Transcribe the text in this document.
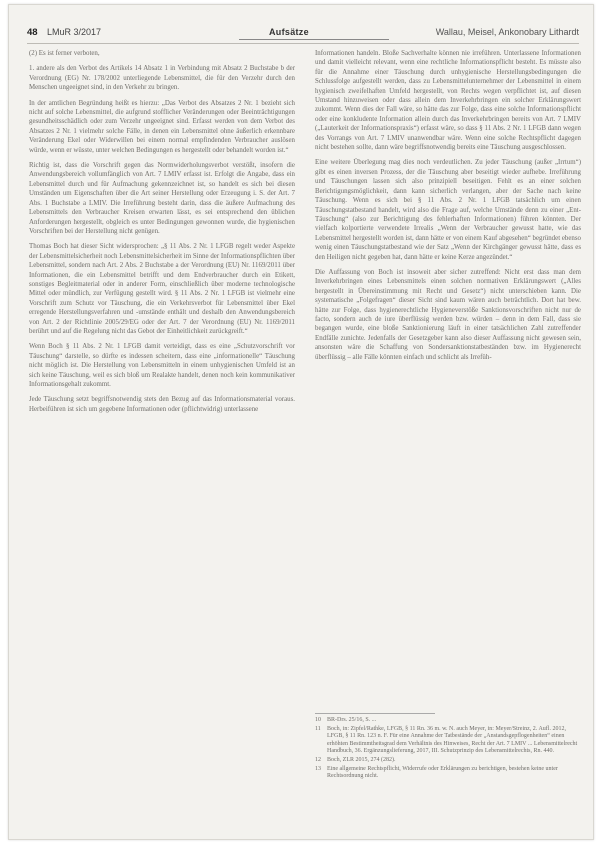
48 LMuR 3/2017	Aufsätze	Wallau, Meisel, Ankonobary Lithardt

(2) Es ist ferner verboten,

1. andere als den Verbot des Artikels 14 Absatz 1 in Verbindung mit Absatz 2 Buchstabe b der Verordnung (EG) Nr. 178/2002 unterliegende Lebensmittel, die für den Verzehr durch den Menschen ungeeignet sind, in den Verkehr zu bringen.

In der amtlichen Begründung heißt es hierzu: „Das Verbot des Absatzes 2 Nr. 1 bezieht sich nicht auf solche Lebensmittel, die aufgrund stofflicher Veränderungen oder Beeinträchtigungen gesundheitsschädlich oder zum Verzehr ungeeignet sind. Erfasst werden von dem Verbot des Absatzes 2 Nr. 1 vielmehr solche Fälle, in denen ein Lebensmittel ohne äußerlich erkennbare Veränderung Ekel oder Widerwillen bei einem normal empfindenden Verbraucher auslösen würde, wenn er wüsste, unter welchen Bedingungen es hergestellt oder behandelt worden ist.“

Richtig ist, dass die Vorschrift gegen das Normwiderholungsverbot verstößt, insofern die Anwendungsbereich vollumfänglich von Art. 7 LMIV erfasst ist. Erfolgt die Angabe, dass ein Lebensmittel durch und für Aufmachung gekennzeichnet ist, so handelt es sich bei diesen Umständen um Eigenschaften über die Art seiner Herstellung oder Erzeugung i. S. der Art. 7 Abs. 1 Buchstabe a LMIV. Die Irreführung besteht darin, dass die äußere Aufmachung des Lebensmittels den Verbraucher Kreisen erwarten lässt, es sei entsprechend den üblichen Anforderungen hergestellt, obgleich es unter Bedingungen gewonnen wurde, die hygienischen Vorschriften bei der Herstellung nicht genügen.

Thomas Boch hat dieser Sicht widersprochen: „§ 11 Abs. 2 Nr. 1 LFGB regelt weder Aspekte der Lebensmittelsicherheit noch Lebensmittelsicherheit im Sinne der Informationspflichten über Lebensmittel, sondern nach Art. 2 Abs. 2 Buchstabe a der Verordnung (EU) Nr. 1169/2011 über Informationen, die ein Lebensmittel betrifft und dem Endverbraucher durch ein Etikett, sonstiges Begleitmaterial oder in anderer Form, einschließlich über moderne technologische Mittel oder mündlich, zur Verfügung gestellt wird. § 11 Abs. 2 Nr. 1 LFGB ist vielmehr eine Vorschrift zum Schutz vor Täuschung, die ein Verkehrsverbot für Lebensmittel über Ekel erregende Herstellungsverfahren und -umstände enthält und deshalb den Anwendungsbereich von Art. 2 der Richtlinie 2005/29/EG oder der Art. 7 der Verordnung (EU) Nr. 1169/2011 berührt und auf die Regelung nicht das Gebot der Einheitlichkeit zurückgreift.“

Wenn Boch § 11 Abs. 2 Nr. 1 LFGB damit verteidigt, dass es eine „Schutzvorschrift vor Täuschung“ darstelle, so dürfte es indessen scheitern, dass eine „informationelle“ Täuschung nicht möglich ist. Die Herstellung von Lebensmitteln in einem unhygienischen Umfeld ist an sich keine Täuschung, weil es sich bloß um Realakte handelt, denen noch kein kommunikativer Informationsgehalt zukommt.

Jede Täuschung setzt begriffsnotwendig stets den Bezug auf das Informationsmaterial voraus. Herbeiführen ist sich um gegebene Informationen oder (pflichtwidrig) unterlassene

Informationen handeln. Bloße Sachverhalte können nie irreführen. Unterlassene Informationen und damit vielleicht relevant, wenn eine rechtliche Informationspflicht besteht. Es müsste also für die Annahme einer Täuschung durch unhygienische Herstellungsbedingungen die Schlussfolge aufgestellt werden, dass zu Lebensmittelunternehmer der Lebensmittel in einem hygienisch zweifelhaften Umfeld hergestellt, von Rechts wegen verpflichtet ist, auf diesen Umstand hinzuweisen oder dass allein dem Inverkehrbringen ein solcher Erklärungswert zukommt. Wenn dies der Fall wäre, so hätte das zur Folge, dass eine solche Informationspflicht oder eine konkludente Information allein durch das Inverkehrbringen bereits von Art. 7 LMIV („Lauterkeit der Informationspraxis“) erfasst wäre, so dass § 11 Abs. 2 Nr. 1 LFGB dann wegen des Vorrangs von Art. 7 LMIV unanwendbar wäre. Wenn eine solche Rechtspflicht dagegen nicht bestehen sollte, dann wäre begriffsnotwendig bereits eine Täuschung ausgeschlossen.

Eine weitere Überlegung mag dies noch verdeutlichen. Zu jeder Täuschung (außer „Irrtum“) gibt es einen inversen Prozess, der die Täuschung aber beseitigt wieder aufhebe. Irreführung und Täuschungen lassen sich also prinzipiell beseitigen. Fehlt es an einer solchen Berichtigungsmöglichkeit, dann kann sicherlich verlangen, aber der Sache nach keine Täuschung. Wenn es sich bei § 11 Abs. 2 Nr. 1 LFGB tatsächlich um einen Täuschungstatbestand handelt, wird also die Frage auf, welche Umstände denn zu einer „Ent-Täuschung“ (also zur Berichtigung des fehlerhaften Informationen) führen könnten. Der vielfach kolportierte verwendete Irrealis „Wenn der Verbraucher gewusst hatte, wie das Lebensmittel hergestellt worden ist, dann hätte er von einem Kauf abgesehen“ begründet ebenso wenig einen Täuschungstatbestand wie der Satz „Wenn der Kirchgänger gewusst hätte, dass es den Heiligen nicht gegeben hat, dann hätte er keine Kerze angezündet.“

Die Auffassung von Boch ist insoweit aber sicher zutreffend: Nicht erst dass man dem Inverkehrbringen eines Lebensmittels einen solchen normativen Erklärungswert („Alles hergestellt in Übereinstimmung mit Recht und Gesetz“) nicht unterschieben kann. Die systematische „Folgefragen“ dieser Sicht sind kaum wären auch beträchtlich. Dort hat bew. hätte zur Folge, dass hygienerechtliche Hygieneverstöße Sanktionsvorschriften nicht nur de facto, sondern auch de iure überflüssig werden bzw. würden – denn in dem Fall, dass sie begangen wurde, eine bloße Sanktionierung läuft in einer tatsächlichen Zahl zutreffender Endfälle zunichte. Jedenfalls der Gesetzgeber kann also dieser Auffassung nicht gewesen sein, ansonsten wäre die Schaffung von Sondersanktionstatbeständen bzw. im Hygienerecht überflüssig – alle Fälle könnten einfach und schlicht als Irrefüh-

10	BR-Drs. 25/16, S. ...
11	Boch, in: Zipfel/Rathke, LFGB, § 11 Rn. 36 m. w. N. auch Meyer, in: Meyer/Streinz, 2. Aufl. 2012, LFGB, § 11 Rn. 123 n. F. Für eine Annahme der Tatbestände der „Anstandsgepflogenheiten“ einen erhöhten Bestimmtheitsgrad dem Verhältnis des Hinweises, Recht der Art. 7 LMIV ... Lebensmittelrecht Handbuch, 36. Ergänzungslieferung, 2017, III. Schutzprinzip des Lebensmittelrechts, Rn. 440.
12	Boch, ZLR 2015, 274 (282).
13	Eine allgemeine Rechtspflicht, Widerrufe oder Erklärungen zu berichtigen, bestehen keine unter Rechtsordnung nicht.
